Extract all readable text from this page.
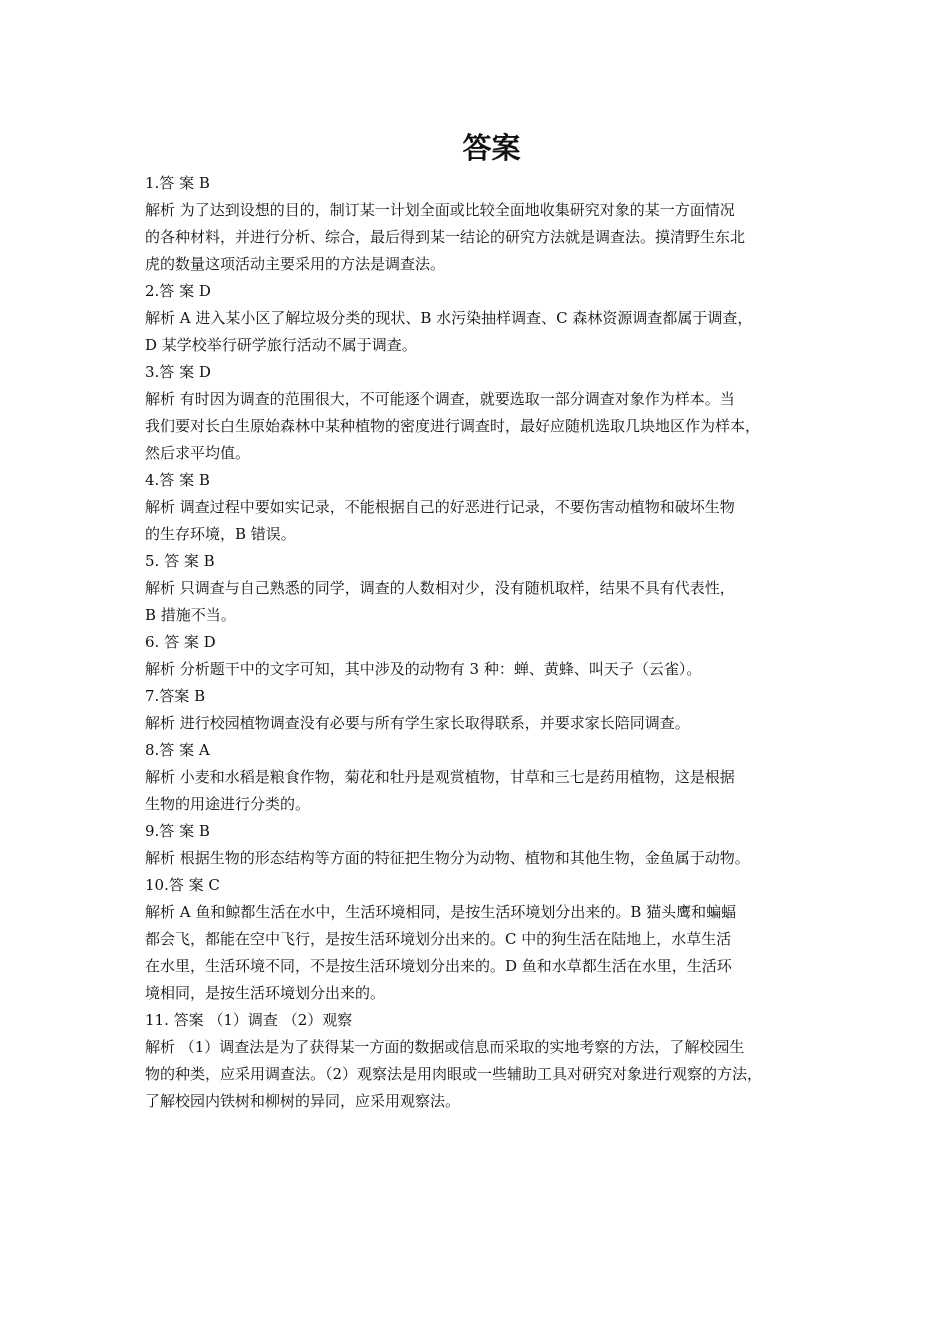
答案
1.答 案 B
解析 为了达到设想的目的，制订某一计划全面或比较全面地收集研究对象的某一方面情况
的各种材料，并进行分析、综合，最后得到某一结论的研究方法就是调查法。摸清野生东北
虎的数量这项活动主要采用的方法是调查法。
2.答 案 D
解析 A 进入某小区了解垃圾分类的现状、B 水污染抽样调查、C 森林资源调查都属于调查，
D 某学校举行研学旅行活动不属于调查。
3.答 案 D
解析 有时因为调查的范围很大，不可能逐个调查，就要选取一部分调查对象作为样本。当
我们要对长白生原始森林中某种植物的密度进行调查时，最好应随机选取几块地区作为样本，
然后求平均值。
4.答 案 B
解析 调查过程中要如实记录，不能根据自己的好恶进行记录，不要伤害动植物和破坏生物
的生存环境，B 错误。
5. 答 案 B
解析 只调查与自己熟悉的同学，调查的人数相对少，没有随机取样，结果不具有代表性，
B 措施不当。
6. 答 案 D
解析 分析题干中的文字可知，其中涉及的动物有 3 种：蝉、黄蜂、叫天子（云雀）。
7.答案 B
解析 进行校园植物调查没有必要与所有学生家长取得联系，并要求家长陪同调查。
8.答 案 A
解析 小麦和水稻是粮食作物，菊花和牡丹是观赏植物，甘草和三七是药用植物，这是根据
生物的用途进行分类的。
9.答 案 B
解析 根据生物的形态结构等方面的特征把生物分为动物、植物和其他生物，金鱼属于动物。
10.答 案 C
解析 A 鱼和鲸都生活在水中，生活环境相同，是按生活环境划分出来的。B 猫头鹰和蝙蝠
都会飞，都能在空中飞行，是按生活环境划分出来的。C 中的狗生活在陆地上，水草生活
在水里，生活环境不同，不是按生活环境划分出来的。D 鱼和水草都生活在水里，生活环
境相同，是按生活环境划分出来的。
11. 答案 （1）调查 （2）观察
解析 （1）调查法是为了获得某一方面的数据或信息而采取的实地考察的方法，了解校园生
物的种类，应采用调查法。（2）观察法是用肉眼或一些辅助工具对研究对象进行观察的方法，
了解校园内铁树和柳树的异同，应采用观察法。
